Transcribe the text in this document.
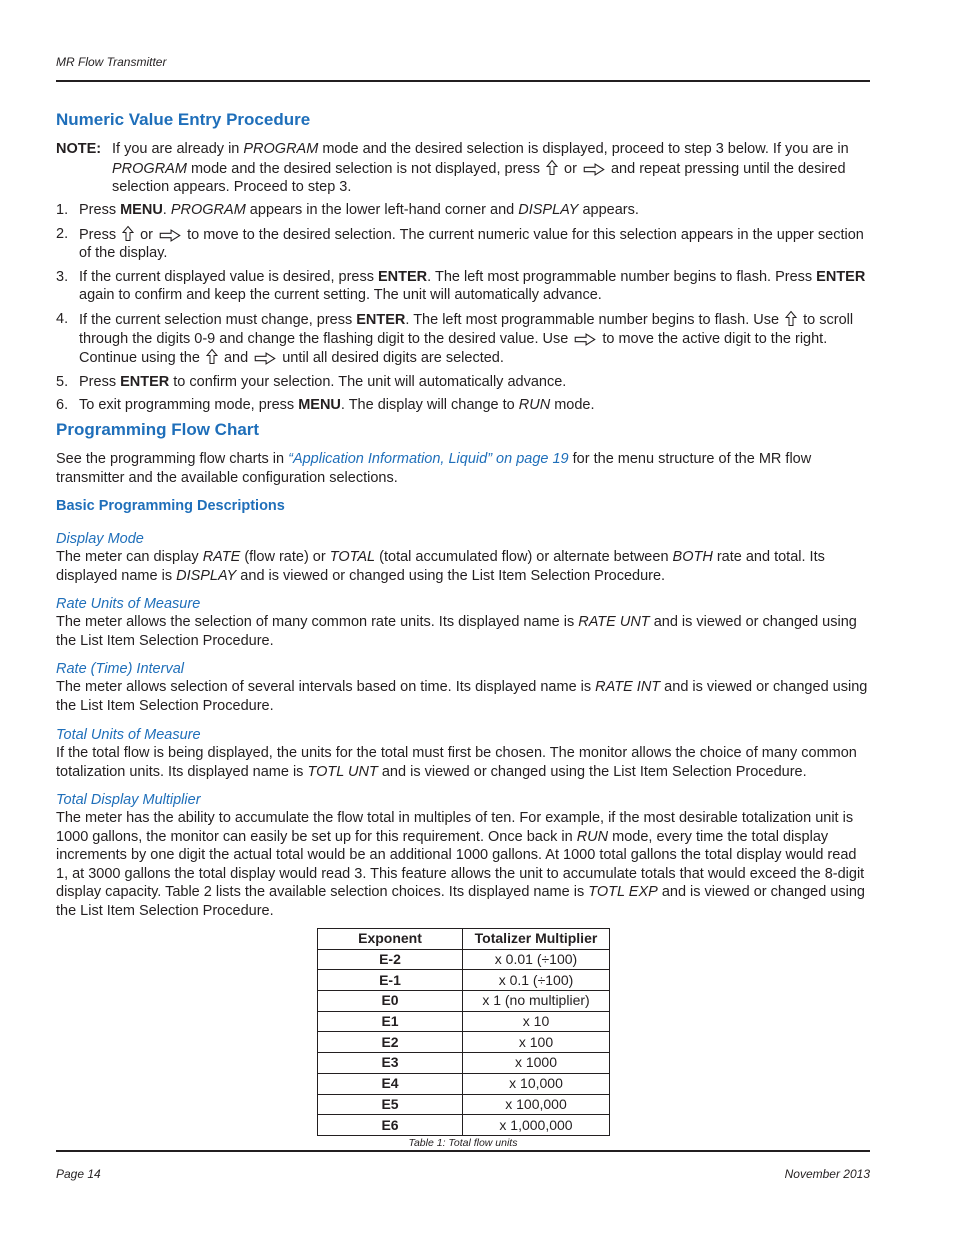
MR Flow Transmitter
Numeric Value Entry Procedure
NOTE: If you are already in PROGRAM mode and the desired selection is displayed, proceed to step 3 below. If you are in PROGRAM mode and the desired selection is not displayed, press  or  and repeat pressing until the desired selection appears. Proceed to step 3.
1. Press MENU. PROGRAM appears in the lower left-hand corner and DISPLAY appears.
2. Press  or  to move to the desired selection. The current numeric value for this selection appears in the upper section of the display.
3. If the current displayed value is desired, press ENTER. The left most programmable number begins to flash. Press ENTER again to confirm and keep the current setting. The unit will automatically advance.
4. If the current selection must change, press ENTER. The left most programmable number begins to flash. Use  to scroll through the digits 0-9 and change the flashing digit to the desired value. Use  to move the active digit to the right. Continue using the  and  until all desired digits are selected.
5. Press ENTER to confirm your selection. The unit will automatically advance.
6. To exit programming mode, press MENU. The display will change to RUN mode.
Programming Flow Chart
See the programming flow charts in “Application Information, Liquid” on page 19 for the menu structure of the MR flow transmitter and the available configuration selections.
Basic Programming Descriptions
Display Mode
The meter can display RATE (flow rate) or TOTAL (total accumulated flow) or alternate between BOTH rate and total. Its displayed name is DISPLAY and is viewed or changed using the List Item Selection Procedure.
Rate Units of Measure
The meter allows the selection of many common rate units. Its displayed name is RATE UNT and is viewed or changed using the List Item Selection Procedure.
Rate (Time) Interval
The meter allows selection of several intervals based on time. Its displayed name is RATE INT and is viewed or changed using the List Item Selection Procedure.
Total Units of Measure
If the total flow is being displayed, the units for the total must first be chosen. The monitor allows the choice of many common totalization units. Its displayed name is TOTL UNT and is viewed or changed using the List Item Selection Procedure.
Total Display Multiplier
The meter has the ability to accumulate the flow total in multiples of ten. For example, if the most desirable totalization unit is 1000 gallons, the monitor can easily be set up for this requirement. Once back in RUN mode, every time the total display increments by one digit the actual total would be an additional 1000 gallons. At 1000 total gallons the total display would read 1, at 3000 gallons the total display would read 3. This feature allows the unit to accumulate totals that would exceed the 8-digit display capacity. Table 2 lists the available selection choices. Its displayed name is TOTL EXP and is viewed or changed using the List Item Selection Procedure.
Exponent	Totalizer Multiplier
E-2	x 0.01 (÷100)
E-1	x 0.1 (÷100)
E0	x 1 (no multiplier)
E1	x 10
E2	x 100
E3	x 1000
E4	x 10,000
E5	x 100,000
E6	x 1,000,000
Table 1: Total flow units
Page 14	November 2013
